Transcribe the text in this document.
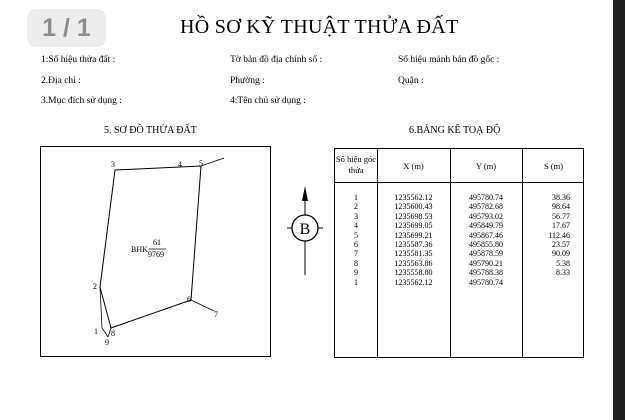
1 / 1	HỒ SƠ KỸ THUẬT THỬA ĐẤT
1:Số hiệu thửa đất :	Tờ bản đồ địa chính số :	Số hiệu mảnh bản đồ gốc :
2.Địa chỉ :	Phường :	Quận :
3.Mục đích sử dụng :	4:Tên chủ sử dụng :
5. SƠ ĐỒ THỬA ĐẤT	6.BẢNG KÊ TOẠ ĐỘ
3	4 5
2
6
7
1 8
9
BHK
61
9769
B
Số hiệu góc thửa	X (m)	Y (m)	S (m)
1	1235562.12	495780.74	38.36
2	1235600.43	495782.68	98.64
3	1235698.53	495793.02	56.77
4	1235699.05	495849.79	17.67
5	1235699.21	495867.46	112.46
6	1235587.36	495855.80	23.57
7	1235581.35	495878.59	90.09
8	1235563.86	495790.21	5.38
9	1235558.80	495788.38	8.33
1	1235562.12	495780.74
